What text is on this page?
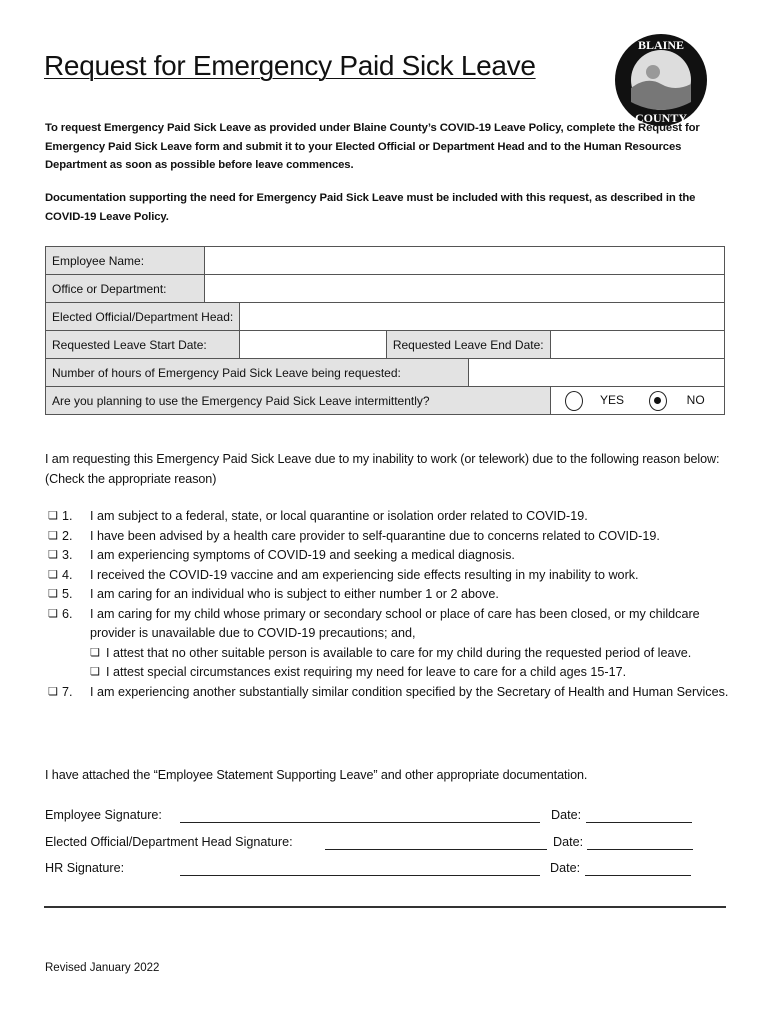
Request for Emergency Paid Sick Leave
BLAINE
COUNTY
To request Emergency Paid Sick Leave as provided under Blaine County’s COVID-19 Leave Policy, complete the Request for Emergency Paid Sick Leave form and submit it to your Elected Official or Department Head and to the Human Resources Department as soon as possible before leave commences.
Documentation supporting the need for Emergency Paid Sick Leave must be included with this request, as described in the COVID-19 Leave Policy.
Employee Name:	
Office or Department:	
Elected Official/Department Head:	
Requested Leave Start Date:			Requested Leave End Date:	
Number of hours of Emergency Paid Sick Leave being requested:	
Are you planning to use the Emergency Paid Sick Leave intermittently?					YES NO
I am requesting this Emergency Paid Sick Leave due to my inability to work (or telework) due to the following reason below: (Check the appropriate reason)
❏ 1. I am subject to a federal, state, or local quarantine or isolation order related to COVID-19.
❏ 2. I have been advised by a health care provider to self-quarantine due to concerns related to COVID-19.
❏ 3. I am experiencing symptoms of COVID-19 and seeking a medical diagnosis.
❏ 4. I received the COVID-19 vaccine and am experiencing side effects resulting in my inability to work.
❏ 5. I am caring for an individual who is subject to either number 1 or 2 above.
❏ 6. I am caring for my child whose primary or secondary school or place of care has been closed, or my childcare provider is unavailable due to COVID-19 precautions; and,
❏ I attest that no other suitable person is available to care for my child during the requested period of leave.
❏ I attest special circumstances exist requiring my need for leave to care for a child ages 15-17.
❏ 7. I am experiencing another substantially similar condition specified by the Secretary of Health and Human Services.
I have attached the “Employee Statement Supporting Leave” and other appropriate documentation.
Employee Signature:	Date:
Elected Official/Department Head Signature:	Date:
HR Signature:	Date:
Revised January 2022
